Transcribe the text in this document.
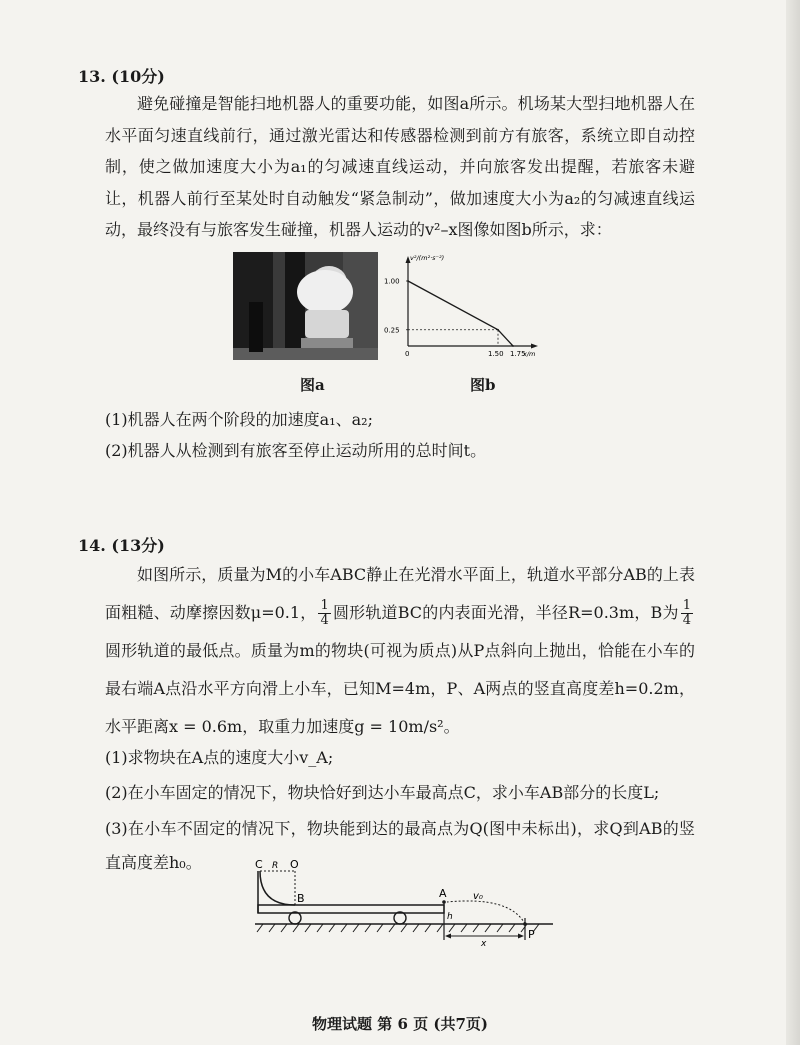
13. (10分)
避免碰撞是智能扫地机器人的重要功能，如图a所示。机场某大型扫地机器人在水平面匀速直线前行，通过激光雷达和传感器检测到前方有旅客，系统立即自动控制，使之做加速度大小为a₁的匀减速直线运动，并向旅客发出提醒，若旅客未避让，机器人前行至某处时自动触发“紧急制动”，做加速度大小为a₂的匀减速直线运动，最终没有与旅客发生碰撞，机器人运动的v²–x图像如图b所示，求：
1.00
0.25
1.50 1.75
v²/(m²·s⁻²)
x/m
0
图a	图b
(1)机器人在两个阶段的加速度a₁、a₂;
(2)机器人从检测到有旅客至停止运动所用的总时间t。
14. (13分)
如图所示，质量为M的小车ABC静止在光滑水平面上，轨道水平部分AB的上表面粗糙、动摩擦因数μ=0.1， $\frac{1}{4}$ 圆形轨道BC的内表面光滑，半径R=0.3m，B为 $\frac{1}{4}$
圆形轨道的最低点。质量为m的物块(可视为质点)从P点斜向上抛出，恰能在小车的最右端A点沿水平方向滑上小车，已知M=4m，P、A两点的竖直高度差h=0.2m，水平距离x = 0.6m，取重力加速度g = 10m/s²。
(1)求物块在A点的速度大小v_A;
(2)在小车固定的情况下，物块恰好到达小车最高点C，求小车AB部分的长度L;
(3)在小车不固定的情况下，物块能到达的最高点为Q(图中未标出)，求Q到AB的竖直高度差h₀。	C R O
B	A	v₀
h
x
P
物理试题 第 6 页 (共7页)
